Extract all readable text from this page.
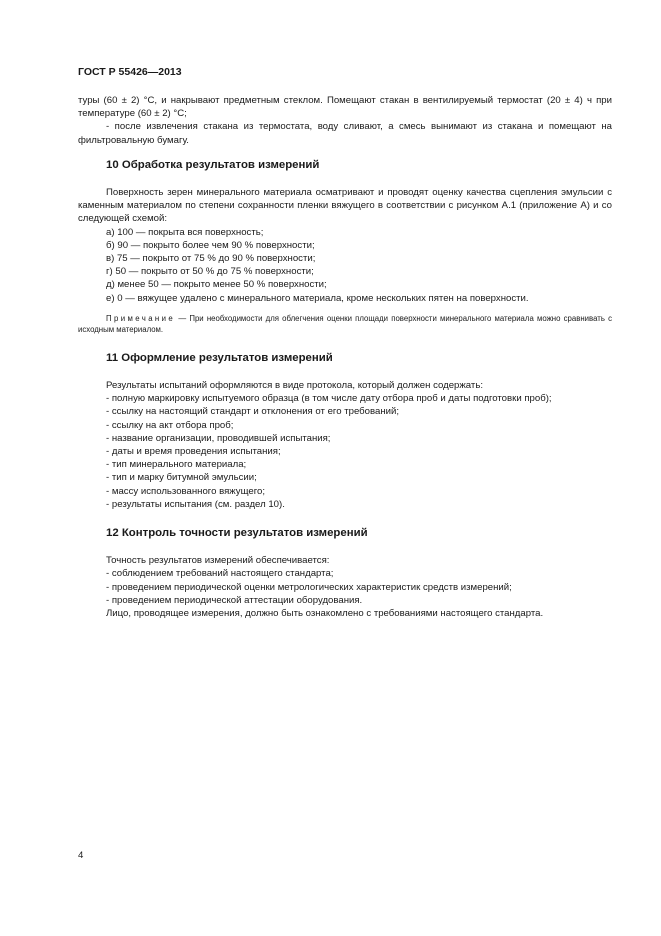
ГОСТ Р 55426—2013

туры (60 ± 2) °С, и накрывают предметным стеклом. Помещают стакан в вентилируемый термостат (20 ± 4) ч при температуре (60 ± 2) °С;

- после извлечения стакана из термостата, воду сливают, а смесь вынимают из стакана и помещают на фильтровальную бумагу.

10 Обработка результатов измерений

Поверхность зерен минерального материала осматривают и проводят оценку качества сцепления эмульсии с каменным материалом по степени сохранности пленки вяжущего в соответствии с рисунком А.1 (приложение А) и со следующей схемой:

а) 100 — покрыта вся поверхность;

б) 90 — покрыто более чем 90 % поверхности;

в) 75 — покрыто от 75 % до 90 % поверхности;

г) 50 — покрыто от 50 % до 75 % поверхности;

д) менее 50 — покрыто менее 50 % поверхности;

е) 0 — вяжущее удалено с минерального материала, кроме нескольких пятен на поверхности.

Примечание — При необходимости для облегчения оценки площади поверхности минерального материала можно сравнивать с исходным материалом.

11 Оформление результатов измерений

Результаты испытаний оформляются в виде протокола, который должен содержать:

- полную маркировку испытуемого образца (в том числе дату отбора проб и даты подготовки проб);

- ссылку на настоящий стандарт и отклонения от его требований;

- ссылку на акт отбора проб;

- название организации, проводившей испытания;

- даты и время проведения испытания;

- тип минерального материала;

- тип и марку битумной эмульсии;

- массу использованного вяжущего;

- результаты испытания (см. раздел 10).

12 Контроль точности результатов измерений

Точность результатов измерений обеспечивается:

- соблюдением требований настоящего стандарта;

- проведением периодической оценки метрологических характеристик средств измерений;

- проведением периодической аттестации оборудования.

Лицо, проводящее измерения, должно быть ознакомлено с требованиями настоящего стандарта.

4
